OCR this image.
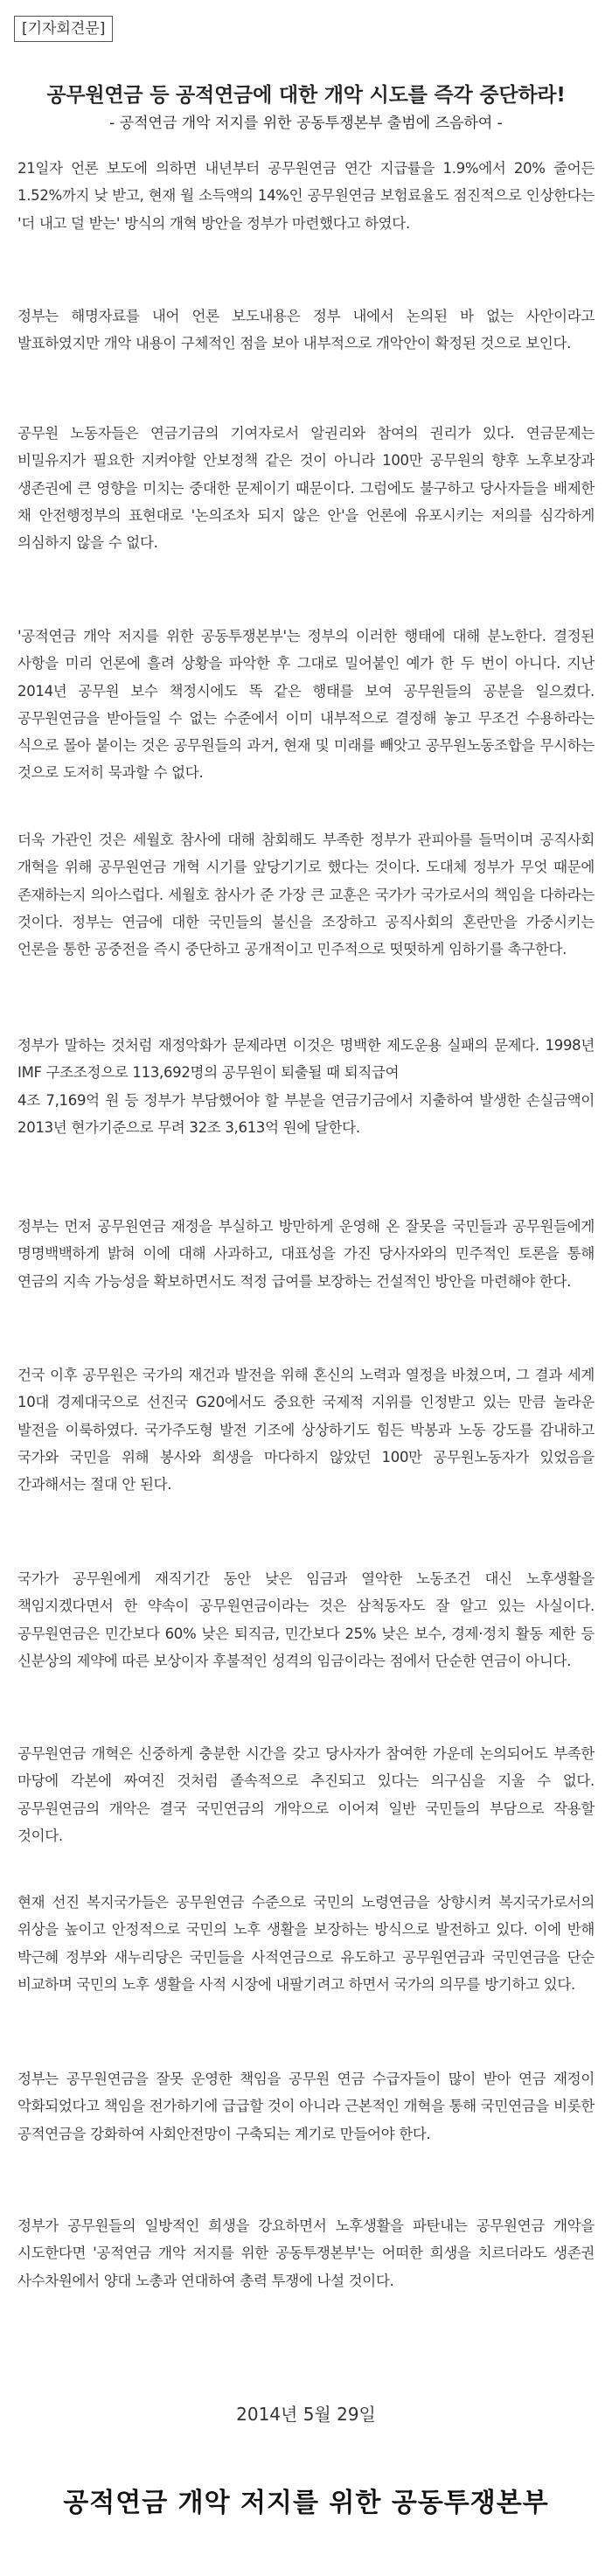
[기자회견문]
공무원연금 등 공적연금에 대한 개악 시도를 즉각 중단하라!
- 공적연금 개악 저지를 위한 공동투쟁본부 출범에 즈음하여 -

21일자 언론 보도에 의하면 내년부터 공무원연금 연간 지급률을 1.9%에서 20% 줄어든 1.52%까지 낮 받고, 현재 월 소득액의 14%인 공무원연금 보험료율도 점진적으로 인상한다는 '더 내고 덜 받는' 방식의 개혁 방안을 정부가 마련했다고 하였다.

정부는 해명자료를 내어 언론 보도내용은 정부 내에서 논의된 바 없는 사안이라고 발표하였지만 개악 내용이 구체적인 점을 보아 내부적으로 개악안이 확정된 것으로 보인다.

공무원 노동자들은 연금기금의 기여자로서 알권리와 참여의 권리가 있다. 연금문제는 비밀유지가 필요한 지켜야할 안보정책 같은 것이 아니라 100만 공무원의 향후 노후보장과 생존권에 큰 영향을 미치는 중대한 문제이기 때문이다. 그럼에도 불구하고 당사자들을 배제한 채 안전행정부의 표현대로 '논의조차 되지 않은 안'을 언론에 유포시키는 저의를 심각하게 의심하지 않을 수 없다.

'공적연금 개악 저지를 위한 공동투쟁본부'는 정부의 이러한 행태에 대해 분노한다. 결정된 사항을 미리 언론에 흘려 상황을 파악한 후 그대로 밀어붙인 예가 한 두 번이 아니다. 지난 2014년 공무원 보수 책정시에도 똑 같은 행태를 보여 공무원들의 공분을 일으켰다. 공무원연금을 받아들일 수 없는 수준에서 이미 내부적으로 결정해 놓고 무조건 수용하라는 식으로 몰아 붙이는 것은 공무원들의 과거, 현재 및 미래를 빼앗고 공무원노동조합을 무시하는 것으로 도저히 묵과할 수 없다.

더욱 가관인 것은 세월호 참사에 대해 참회해도 부족한 정부가 관피아를 들먹이며 공직사회 개혁을 위해 공무원연금 개혁 시기를 앞당기기로 했다는 것이다. 도대체 정부가 무엇 때문에 존재하는지 의아스럽다. 세월호 참사가 준 가장 큰 교훈은 국가가 국가로서의 책임을 다하라는 것이다. 정부는 연금에 대한 국민들의 불신을 조장하고 공직사회의 혼란만을 가중시키는 언론을 통한 공중전을 즉시 중단하고 공개적이고 민주적으로 떳떳하게 임하기를 촉구한다.

정부가 말하는 것처럼 재정악화가 문제라면 이것은 명백한 제도운용 실패의 문제다. 1998년 IMF 구조조정으로 113,692명의 공무원이 퇴출될 때 퇴직급여
4조 7,169억 원 등 정부가 부담했어야 할 부분을 연금기금에서 지출하여 발생한 손실금액이 2013년 현가기준으로 무려 32조 3,613억 원에 달한다.

정부는 먼저 공무원연금 재정을 부실하고 방만하게 운영해 온 잘못을 국민들과 공무원들에게 명명백백하게 밝혀 이에 대해 사과하고, 대표성을 가진 당사자와의 민주적인 토론을 통해 연금의 지속 가능성을 확보하면서도 적정 급여를 보장하는 건설적인 방안을 마련해야 한다.

건국 이후 공무원은 국가의 재건과 발전을 위해 혼신의 노력과 열정을 바쳤으며, 그 결과 세계 10대 경제대국으로 선진국 G20에서도 중요한 국제적 지위를 인정받고 있는 만큼 놀라운 발전을 이룩하였다. 국가주도형 발전 기조에 상상하기도 힘든 박봉과 노동 강도를 감내하고 국가와 국민을 위해 봉사와 희생을 마다하지 않았던 100만 공무원노동자가 있었음을 간과해서는 절대 안 된다.

국가가 공무원에게 재직기간 동안 낮은 임금과 열악한 노동조건 대신 노후생활을 책임지겠다면서 한 약속이 공무원연금이라는 것은 삼척동자도 잘 알고 있는 사실이다. 공무원연금은 민간보다 60% 낮은 퇴직금, 민간보다 25% 낮은 보수, 경제·정치 활동 제한 등 신분상의 제약에 따른 보상이자 후불적인 성격의 임금이라는 점에서 단순한 연금이 아니다.

공무원연금 개혁은 신중하게 충분한 시간을 갖고 당사자가 참여한 가운데 논의되어도 부족한 마당에 각본에 짜여진 것처럼 졸속적으로 추진되고 있다는 의구심을 지울 수 없다. 공무원연금의 개악은 결국 국민연금의 개악으로 이어져 일반 국민들의 부담으로 작용할 것이다.

현재 선진 복지국가들은 공무원연금 수준으로 국민의 노령연금을 상향시켜 복지국가로서의 위상을 높이고 안정적으로 국민의 노후 생활을 보장하는 방식으로 발전하고 있다. 이에 반해 박근혜 정부와 새누리당은 국민들을 사적연금으로 유도하고 공무원연금과 국민연금을 단순 비교하며 국민의 노후 생활을 사적 시장에 내팔기려고 하면서 국가의 의무를 방기하고 있다.

정부는 공무원연금을 잘못 운영한 책임을 공무원 연금 수급자들이 많이 받아 연금 재정이 악화되었다고 책임을 전가하기에 급급할 것이 아니라 근본적인 개혁을 통해 국민연금을 비롯한 공적연금을 강화하여 사회안전망이 구축되는 계기로 만들어야 한다.

정부가 공무원들의 일방적인 희생을 강요하면서 노후생활을 파탄내는 공무원연금 개악을 시도한다면 '공적연금 개악 저지를 위한 공동투쟁본부'는 어떠한 희생을 치르더라도 생존권 사수차원에서 양대 노총과 연대하여 총력 투쟁에 나설 것이다.

2014년 5월 29일
공적연금 개악 저지를 위한 공동투쟁본부
